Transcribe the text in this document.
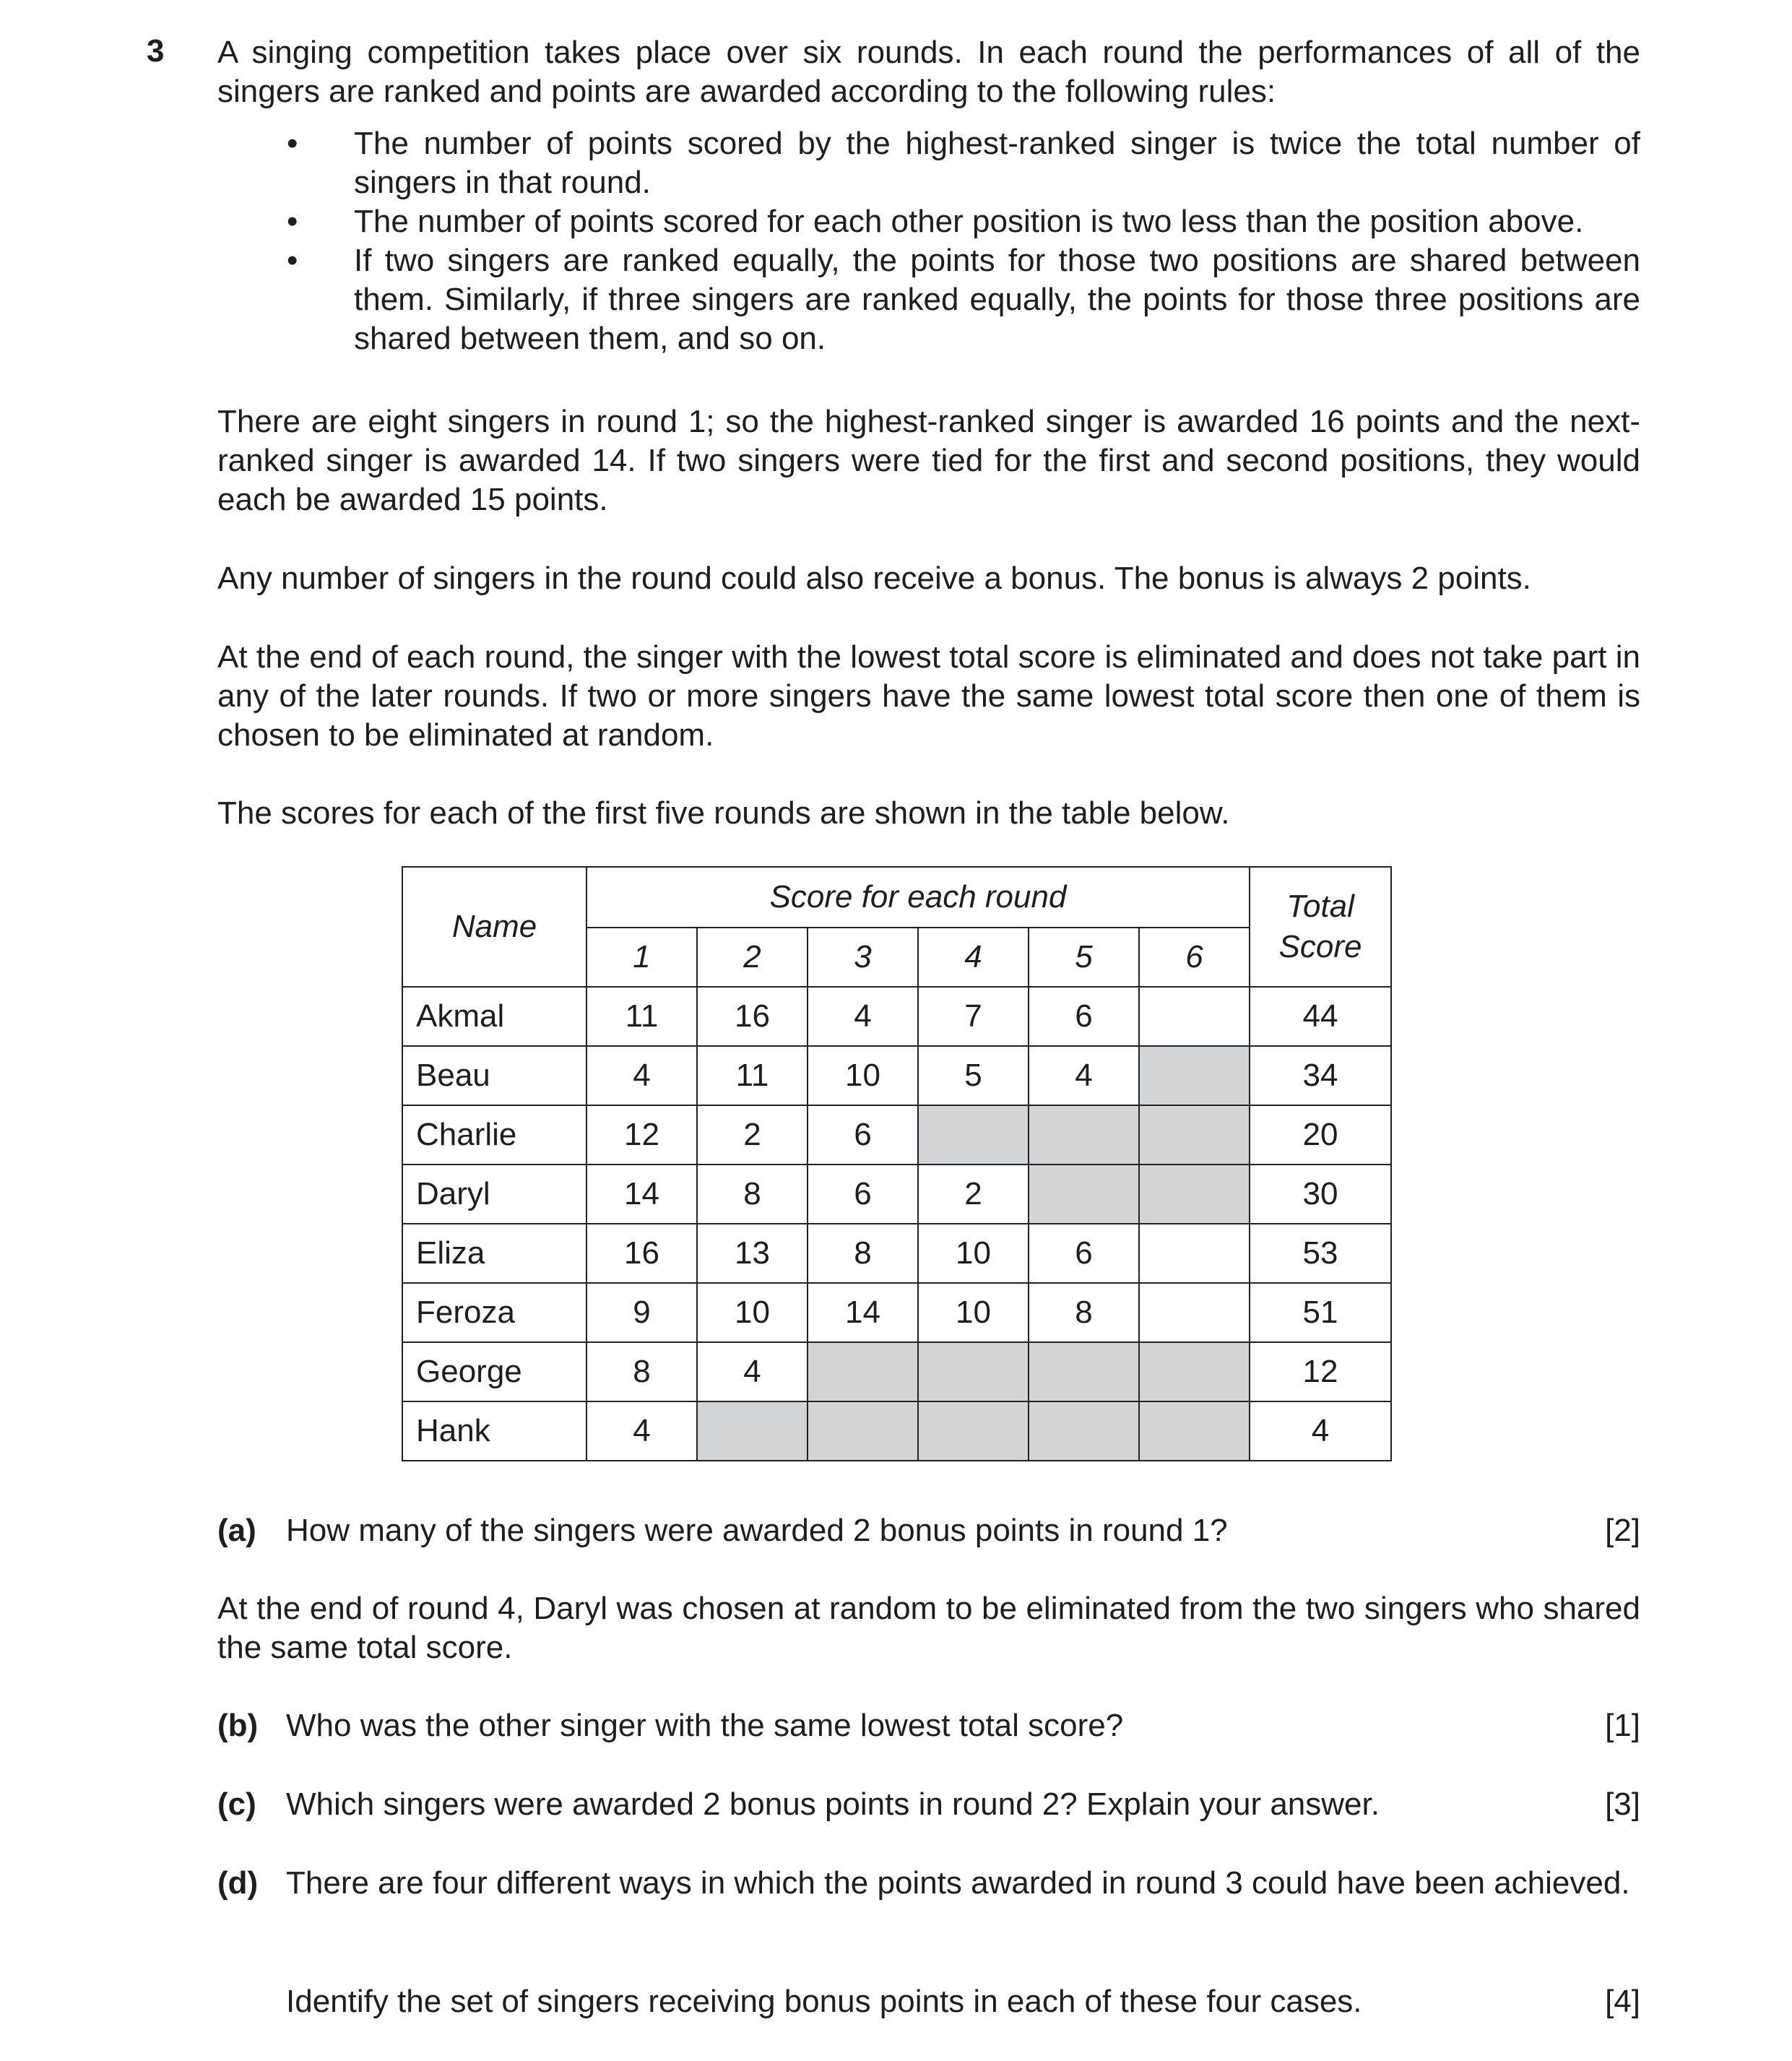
3 A singing competition takes place over six rounds. In each round the performances of all of the singers are ranked and points are awarded according to the following rules:
• The number of points scored by the highest-ranked singer is twice the total number of singers in that round.
• The number of points scored for each other position is two less than the position above.
• If two singers are ranked equally, the points for those two positions are shared between them. Similarly, if three singers are ranked equally, the points for those three positions are shared between them, and so on.
There are eight singers in round 1; so the highest-ranked singer is awarded 16 points and the next-ranked singer is awarded 14. If two singers were tied for the first and second positions, they would each be awarded 15 points.
Any number of singers in the round could also receive a bonus. The bonus is always 2 points.
At the end of each round, the singer with the lowest total score is eliminated and does not take part in any of the later rounds. If two or more singers have the same lowest total score then one of them is chosen to be eliminated at random.
The scores for each of the first five rounds are shown in the table below.
Name	Score for each round						Total Score
	1	2	3	4	5	6	
Akmal	11	16	4	7	6		44
Beau	4	11	10	5	4		34
Charlie	12	2	6				20
Daryl	14	8	6	2			30
Eliza	16	13	8	10	6		53
Feroza	9	10	14	10	8		51
George	8	4					12
Hank	4						4
(a) How many of the singers were awarded 2 bonus points in round 1?	[2]
At the end of round 4, Daryl was chosen at random to be eliminated from the two singers who shared the same total score.
(b) Who was the other singer with the same lowest total score?	[1]
(c) Which singers were awarded 2 bonus points in round 2? Explain your answer.	[3]
(d) There are four different ways in which the points awarded in round 3 could have been achieved.
Identify the set of singers receiving bonus points in each of these four cases.	[4]
